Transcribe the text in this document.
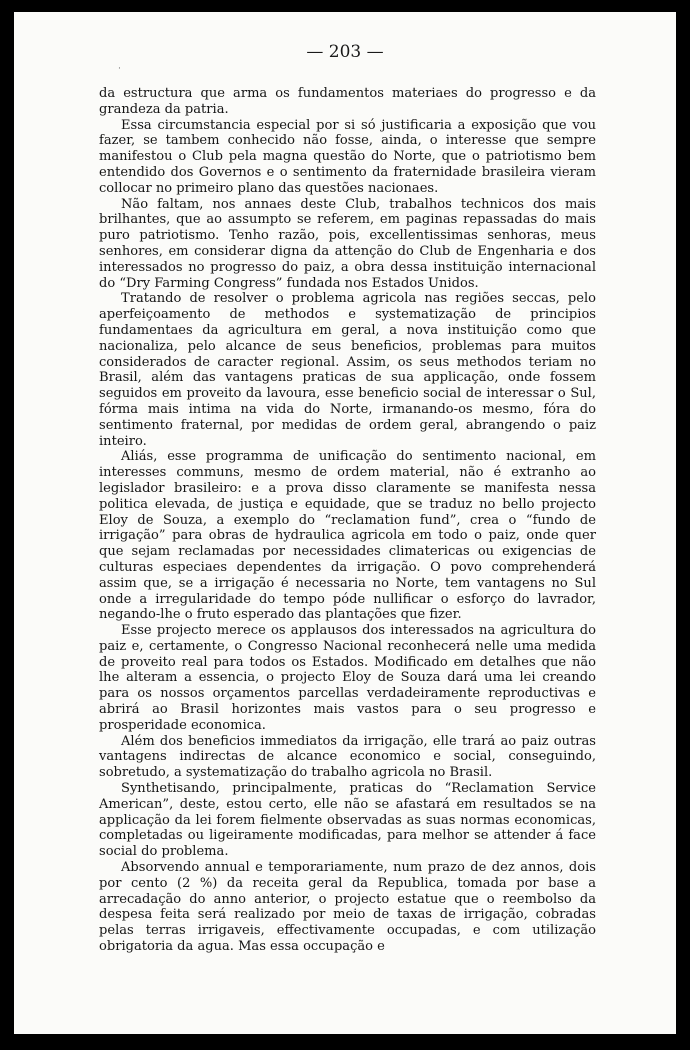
— 203 —
·

da estructura que arma os fundamentos materiaes do progresso e da grandeza da patria.

Essa circumstancia especial por si só justificaria a exposição que vou fazer, se tambem conhecido não fosse, ainda, o interesse que sempre manifestou o Club pela magna questão do Norte, que o patriotismo bem entendido dos Governos e o sentimento da fraternidade brasileira vieram collocar no primeiro plano das questões nacionaes.

Não faltam, nos annaes deste Club, trabalhos technicos dos mais brilhantes, que ao assumpto se referem, em paginas repassadas do mais puro patriotismo. Tenho razão, pois, excellentissimas senhoras, meus senhores, em considerar digna da attenção do Club de Engenharia e dos interessados no progresso do paiz, a obra dessa instituição internacional do “Dry Farming Congress” fundada nos Estados Unidos.

Tratando de resolver o problema agricola nas regiões seccas, pelo aperfeiçoamento de methodos e systematização de principios fundamentaes da agricultura em geral, a nova instituição como que nacionaliza, pelo alcance de seus beneficios, problemas para muitos considerados de caracter regional. Assim, os seus methodos teriam no Brasil, além das vantagens praticas de sua applicação, onde fossem seguidos em proveito da lavoura, esse beneficio social de interessar o Sul, fórma mais intima na vida do Norte, irmanando-os mesmo, fóra do sentimento fraternal, por medidas de ordem geral, abrangendo o paiz inteiro.

Aliás, esse programma de unificação do sentimento nacional, em interesses communs, mesmo de ordem material, não é extranho ao legislador brasileiro: e a prova disso claramente se manifesta nessa politica elevada, de justiça e equidade, que se traduz no bello projecto Eloy de Souza, a exemplo do “reclamation fund”, crea o “fundo de irrigação” para obras de hydraulica agricola em todo o paiz, onde quer que sejam reclamadas por necessidades climatericas ou exigencias de culturas especiaes dependentes da irrigação. O povo comprehenderá assim que, se a irrigação é necessaria no Norte, tem vantagens no Sul onde a irregularidade do tempo póde nullificar o esforço do lavrador, negando-lhe o fruto esperado das plantações que fizer.

Esse projecto merece os applausos dos interessados na agricultura do paiz e, certamente, o Congresso Nacional reconhecerá nelle uma medida de proveito real para todos os Estados. Modificado em detalhes que não lhe alteram a essencia, o projecto Eloy de Souza dará uma lei creando para os nossos orçamentos parcellas verdadeiramente reproductivas e abrirá ao Brasil horizontes mais vastos para o seu progresso e prosperidade economica.

Além dos beneficios immediatos da irrigação, elle trará ao paiz outras vantagens indirectas de alcance economico e social, conseguindo, sobretudo, a systematização do trabalho agricola no Brasil.

Synthetisando, principalmente, praticas do “Reclamation Service American”, deste, estou certo, elle não se afastará em resultados se na applicação da lei forem fielmente observadas as suas normas economicas, completadas ou ligeiramente modificadas, para melhor se attender á face social do problema.

Absorvendo annual e temporariamente, num prazo de dez annos, dois por cento (2 %) da receita geral da Republica, tomada por base a arrecadação do anno anterior, o projecto estatue que o reembolso da despesa feita será realizado por meio de taxas de irrigação, cobradas pelas terras irrigaveis, effectivamente occupadas, e com utilização obrigatoria da agua. Mas essa occupação e
